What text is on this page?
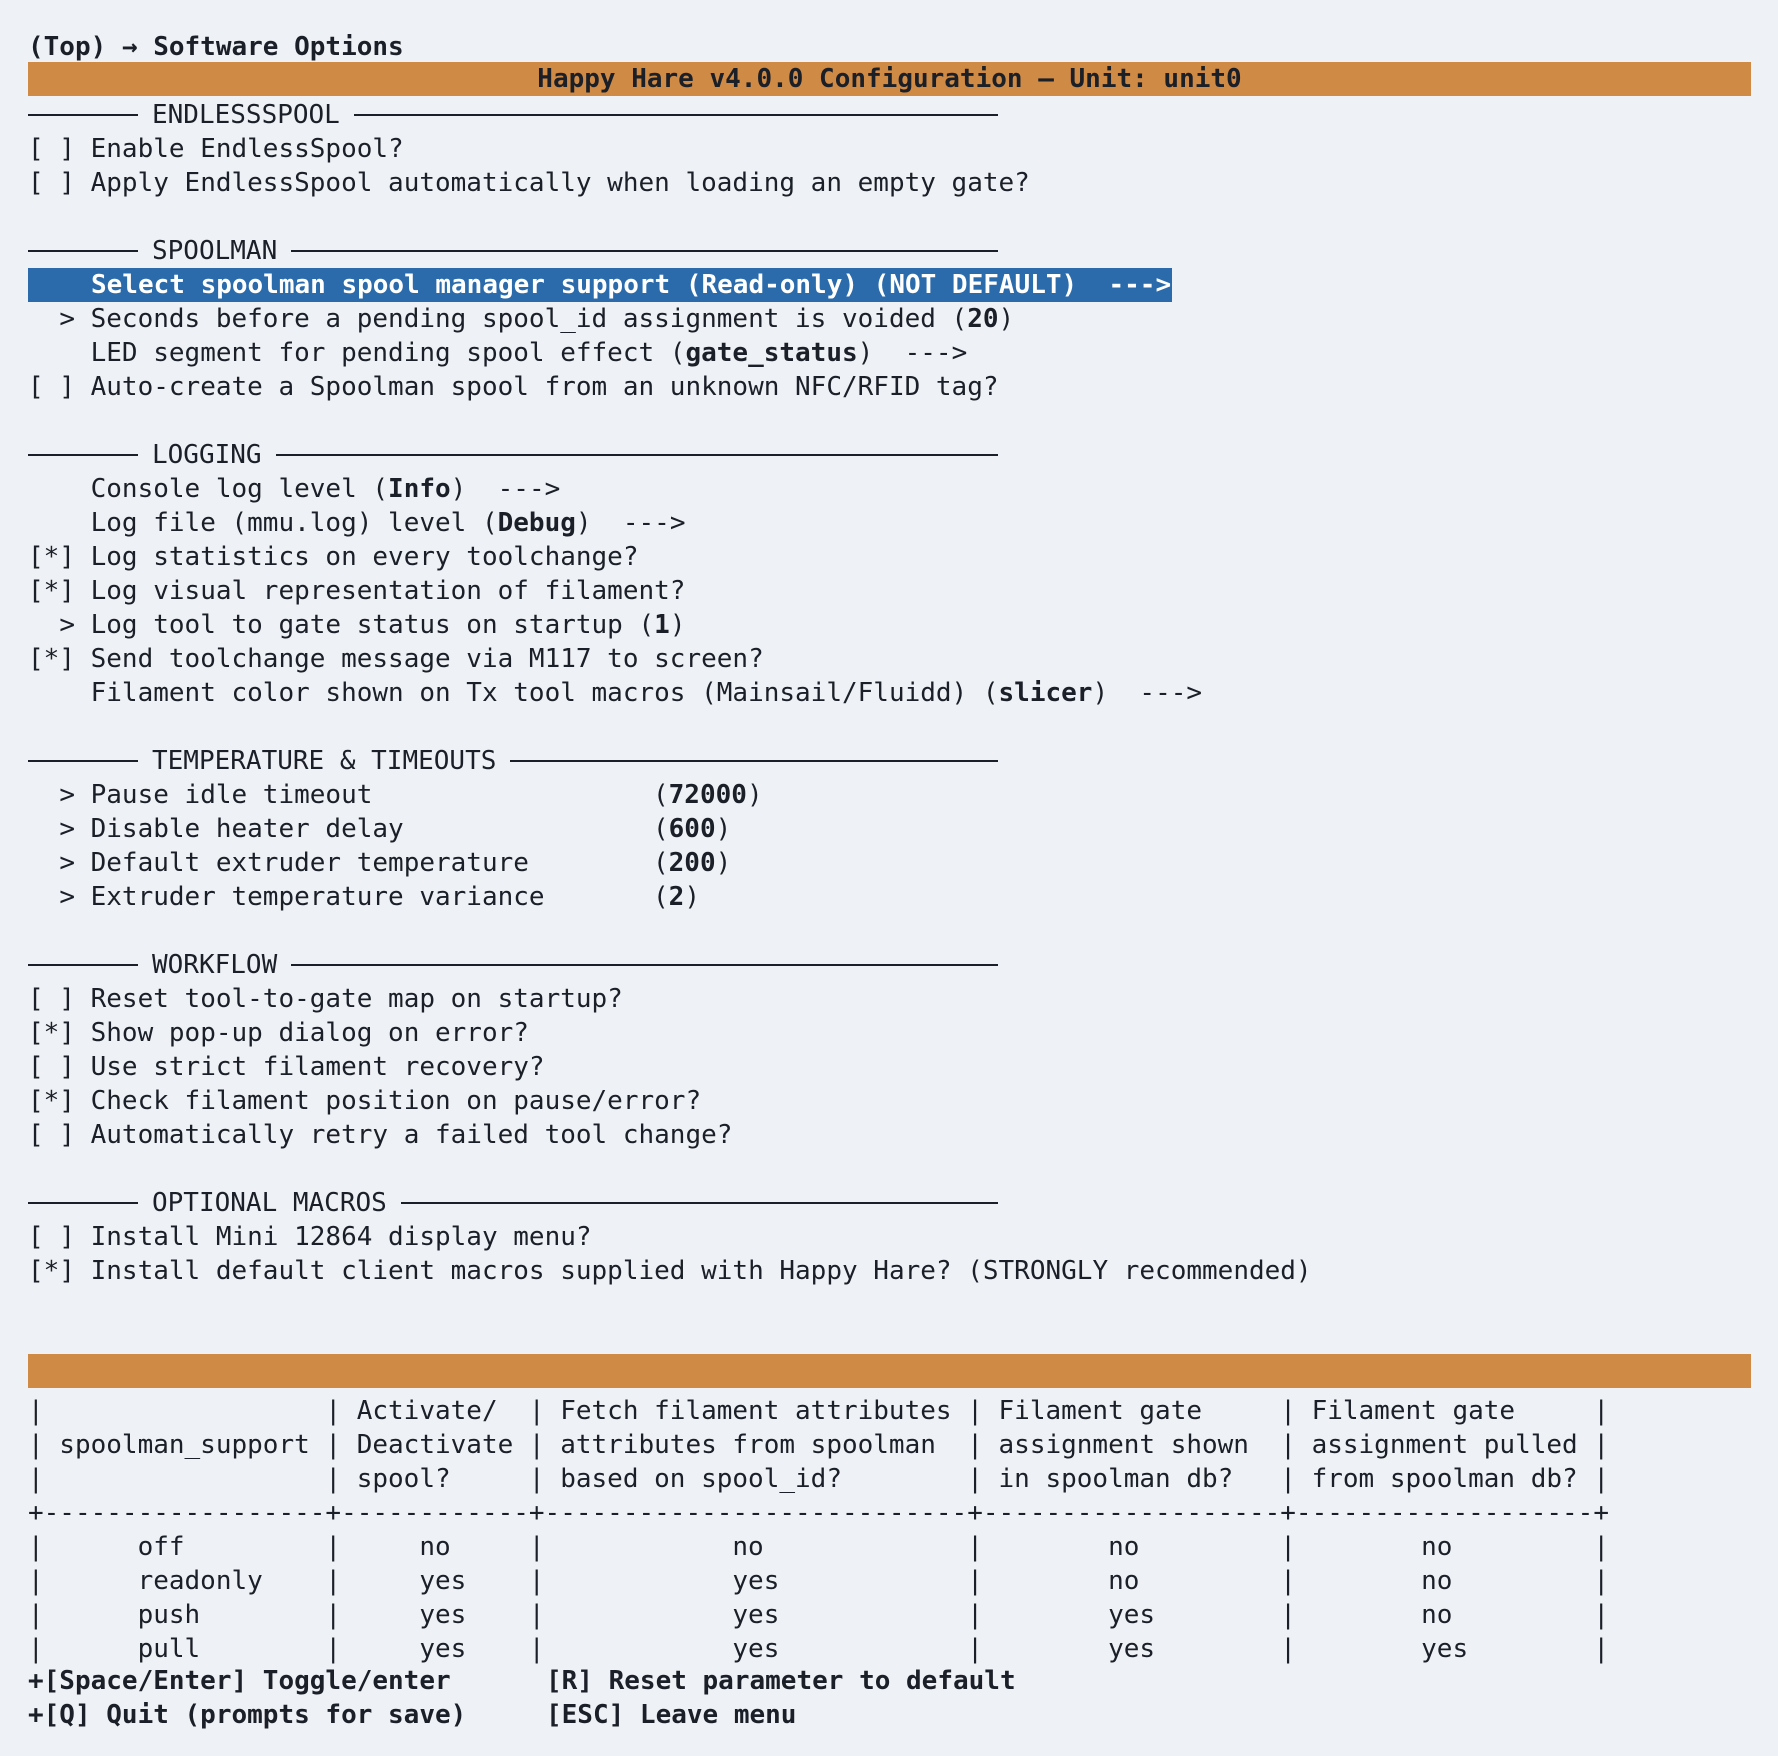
(Top) → Software Options
Happy Hare v4.0.0 Configuration — Unit: unit0
ENDLESSSPOOL
[ ] Enable EndlessSpool?
[ ] Apply EndlessSpool automatically when loading an empty gate?
SPOOLMAN
Select spoolman spool manager support (Read-only) (NOT DEFAULT) --->
> Seconds before a pending spool_id assignment is voided (20)
LED segment for pending spool effect (gate_status) --->
[ ] Auto-create a Spoolman spool from an unknown NFC/RFID tag?
LOGGING
Console log level (Info) --->
Log file (mmu.log) level (Debug) --->
[*] Log statistics on every toolchange?
[*] Log visual representation of filament?
> Log tool to gate status on startup (1)
[*] Send toolchange message via M117 to screen?
Filament color shown on Tx tool macros (Mainsail/Fluidd) (slicer) --->
TEMPERATURE & TIMEOUTS
> Pause idle timeout	(72000)
> Disable heater delay	(600)
> Default extruder temperature	(200)
> Extruder temperature variance	(2)
WORKFLOW
[ ] Reset tool-to-gate map on startup?
[*] Show pop-up dialog on error?
[ ] Use strict filament recovery?
[*] Check filament position on pause/error?
[ ] Automatically retry a failed tool change?
OPTIONAL MACROS
[ ] Install Mini 12864 display menu?
[*] Install default client macros supplied with Happy Hare? (STRONGLY recommended)
|                  | Activate/  | Fetch filament attributes | Filament gate     | Filament gate     |
| spoolman_support | Deactivate | attributes from spoolman  | assignment shown  | assignment pulled |
|                  | spool?     | based on spool_id?        | in spoolman db?   | from spoolman db? |
+------------------+------------+---------------------------+-------------------+-------------------+
|      off         |     no     |            no             |        no         |        no         |
|      readonly    |     yes    |            yes            |        no         |        no         |
|      push        |     yes    |            yes            |        yes        |        no         |
|      pull        |     yes    |            yes            |        yes        |        yes        |
+[Space/Enter] Toggle/enter	[R] Reset parameter to default
+[Q] Quit (prompts for save)	[ESC] Leave menu
